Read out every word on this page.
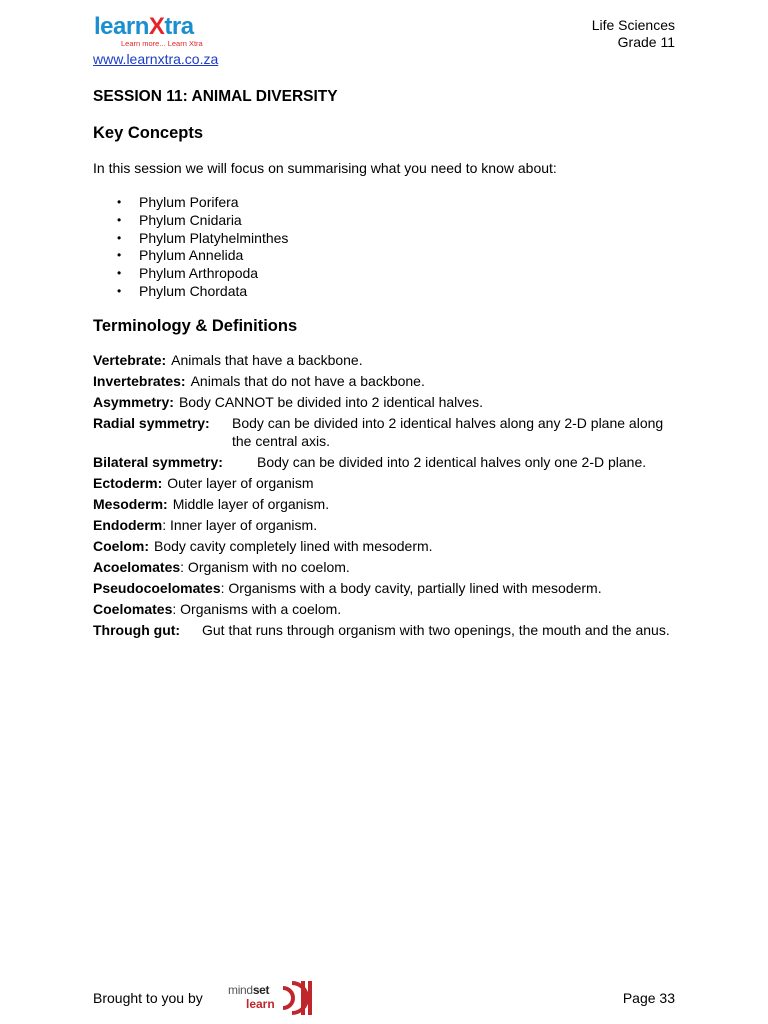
learnXtra
Learn more... Learn Xtra
www.learnxtra.co.za
Life Sciences
Grade 11
SESSION 11: ANIMAL DIVERSITY
Key Concepts

In this session we will focus on summarising what you need to know about:

• Phylum Porifera
• Phylum Cnidaria
• Phylum Platyhelminthes
• Phylum Annelida
• Phylum Arthropoda
• Phylum Chordata
Terminology & Definitions
Vertebrate: Animals that have a backbone.
Invertebrates: Animals that do not have a backbone.
Asymmetry: Body CANNOT be divided into 2 identical halves.
Radial symmetry:	Body can be divided into 2 identical halves along any 2-D plane along the central axis.
Bilateral symmetry:	Body can be divided into 2 identical halves only one 2-D plane.
Ectoderm: Outer layer of organism
Mesoderm: Middle layer of organism.
Endoderm: Inner layer of organism.
Coelom: Body cavity completely lined with mesoderm.
Acoelomates: Organism with no coelom.
Pseudocoelomates: Organisms with a body cavity, partially lined with mesoderm.
Coelomates: Organisms with a coelom.
Through gut:	Gut that runs through organism with two openings, the mouth and the anus.
Brought to you by mindset
learn	Page 33
